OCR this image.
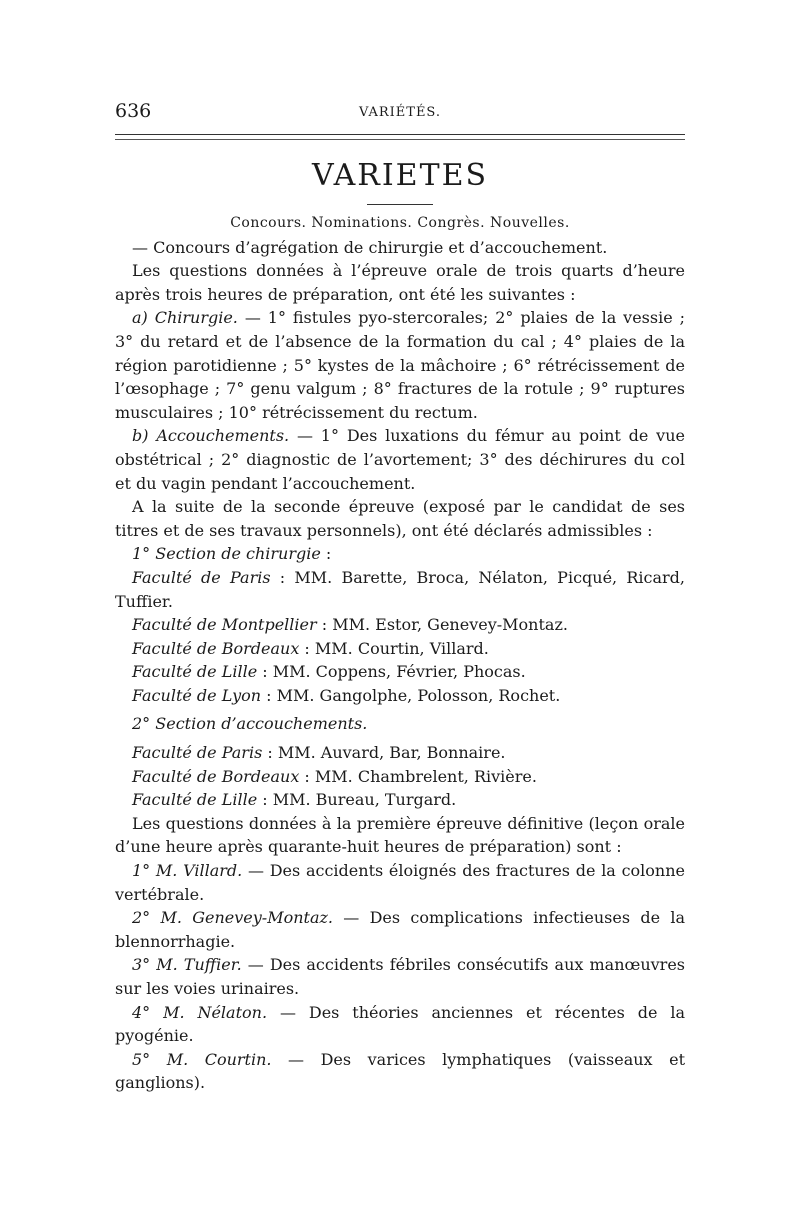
636	VARIÉTÉS.
VARIETES

Concours. Nominations. Congrès. Nouvelles.

— Concours d’agrégation de chirurgie et d’accouchement.

Les questions données à l’épreuve orale de trois quarts d’heure après trois heures de préparation, ont été les suivantes :

a) Chirurgie. — 1° fistules pyo-stercorales; 2° plaies de la vessie ; 3° du retard et de l’absence de la formation du cal ; 4° plaies de la région parotidienne ; 5° kystes de la mâchoire ; 6° rétrécissement de l’œsophage ; 7° genu valgum ; 8° fractures de la rotule ; 9° ruptures musculaires ; 10° rétrécissement du rectum.

b) Accouchements. — 1° Des luxations du fémur au point de vue obstétrical ; 2° diagnostic de l’avortement; 3° des déchirures du col et du vagin pendant l’accouchement.

A la suite de la seconde épreuve (exposé par le candidat de ses titres et de ses travaux personnels), ont été déclarés admissibles :

1° Section de chirurgie :

Faculté de Paris : MM. Barette, Broca, Nélaton, Picqué, Ricard, Tuffier.

Faculté de Montpellier : MM. Estor, Genevey-Montaz.

Faculté de Bordeaux : MM. Courtin, Villard.

Faculté de Lille : MM. Coppens, Février, Phocas.

Faculté de Lyon : MM. Gangolphe, Polosson, Rochet.

2° Section d’accouchements.

Faculté de Paris : MM. Auvard, Bar, Bonnaire.

Faculté de Bordeaux : MM. Chambrelent, Rivière.

Faculté de Lille : MM. Bureau, Turgard.

Les questions données à la première épreuve définitive (leçon orale d’une heure après quarante-huit heures de préparation) sont :

1° M. Villard. — Des accidents éloignés des fractures de la colonne vertébrale.

2° M. Genevey-Montaz. — Des complications infectieuses de la blennorrhagie.

3° M. Tuffier. — Des accidents fébriles consécutifs aux manœuvres sur les voies urinaires.

4° M. Nélaton. — Des théories anciennes et récentes de la pyogénie.

5° M. Courtin. — Des varices lymphatiques (vaisseaux et ganglions).
